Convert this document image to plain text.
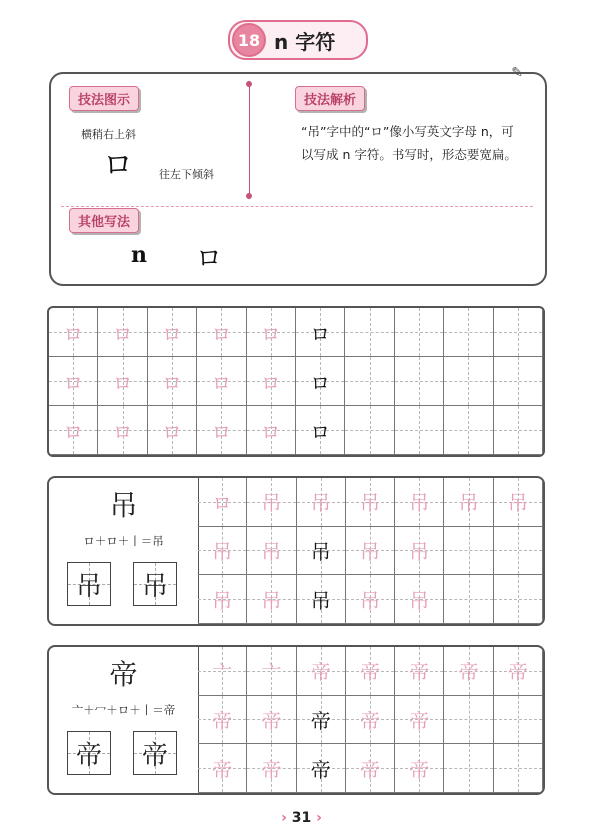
18 n 字符
✎
技法图示
横稍右上斜
ロ 往左下倾斜
技法解析
“吊”字中的“ロ”像小写英文字母 n，可以写成 n 字符。书写时，形态要宽扁。
其他写法
n ロ
ロ ロ ロ ロ ロ ロ
ロ ロ ロ ロ ロ ロ
ロ ロ ロ ロ ロ ロ
吊
ロ＋ロ＋丨＝吊
吊 吊
ロ 吊 吊 吊 吊 吊 吊
吊 吊 吊 吊 吊
吊 吊 吊 吊 吊
帝
亠＋冖＋ロ＋丨＝帝
帝 帝
亠 亠 帝 帝 帝 帝 帝
帝 帝 帝 帝 帝
帝 帝 帝 帝 帝
› 31 ›
